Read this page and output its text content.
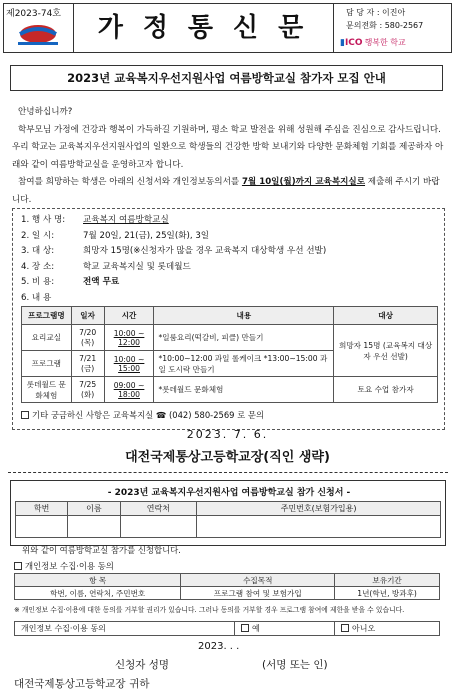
제2023-74호	가정통신문
담 당 자 : 이진아
문의전화 : 580-2567
▮ICO 행복한 학교
2023년 교육복지우선지원사업 여름방학교실 참가자 모집 안내

안녕하십니까?

학부모님 가정에 건강과 행복이 가득하길 기원하며, 평소 학교 발전을 위해 성원해 주심을 진심으로 감사드립니다. 우리 학교는 교육복지우선지원사업의 일환으로 학생들의 건강한 방학 보내기와 다양한 문화체험 기회를 제공하자 아래와 같이 여름방학교실을 운영하고자 합니다.

참여를 희망하는 학생은 아래의 신청서와 개인정보동의서를 7월 10일(월)까지 교육복지실로 제출해 주시기 바랍니다.

1. 행 사 명: 교육복지 여름방학교실
2. 일 시:	7월 20일, 21(금), 25일(화), 3일
3. 대 상:	희망자 15명(※신청자가 많을 경우 교육복지 대상학생 우선 선발)
4. 장 소:	학교 교육복지실 및 롯데월드
5. 비 용:	전액 무료
6. 내 용
프로그램명	일자	시간	내용	대상
요리교실	7/20 (목)	10:00 ~ 12:00	*일룸요리(떡갈비, 피클) 만들기	희망자 15명 (교육복지 대상자 우선 선발)
프로그램	7/21 (금)	10:00 ~ 15:00	*10:00~12:00 과일 롤케이크 *13:00~15:00 과일 도시락 만들기	
롯데월드 문화체험	7/25 (화)	09:00 ~ 18:00	*롯데월드 문화체험	토요 수업 참가자
기타 궁금하신 사항은 교육복지실 ☎ (042) 580-2569 로 문의
2023. 7. 6.
대전국제통상고등학교장(직인 생략)
- 2023년 교육복지우선지원사업 여름방학교실 참가 신청서 -
학번	이름	연락처	주민번호(보험가입용)

위와 같이 여름방학교실 참가를 신청합니다.
개인정보 수집·이용 동의
항 목	수집목적	보유기간
학번, 이름, 연락처, 주민번호	프로그램 참여 및 보험가입	1년(학년, 방과후)
※ 개인정보 수집·이용에 대한 동의를 거부할 권리가 있습니다. 그러나 동의를 거부할 경우 프로그램 참여에 제한을 받을 수 있습니다.
개인정보 수집·이용 동의	예	아니오
2023. . .
신청자 성명	(서명 또는 인)
대전국제통상고등학교장 귀하
